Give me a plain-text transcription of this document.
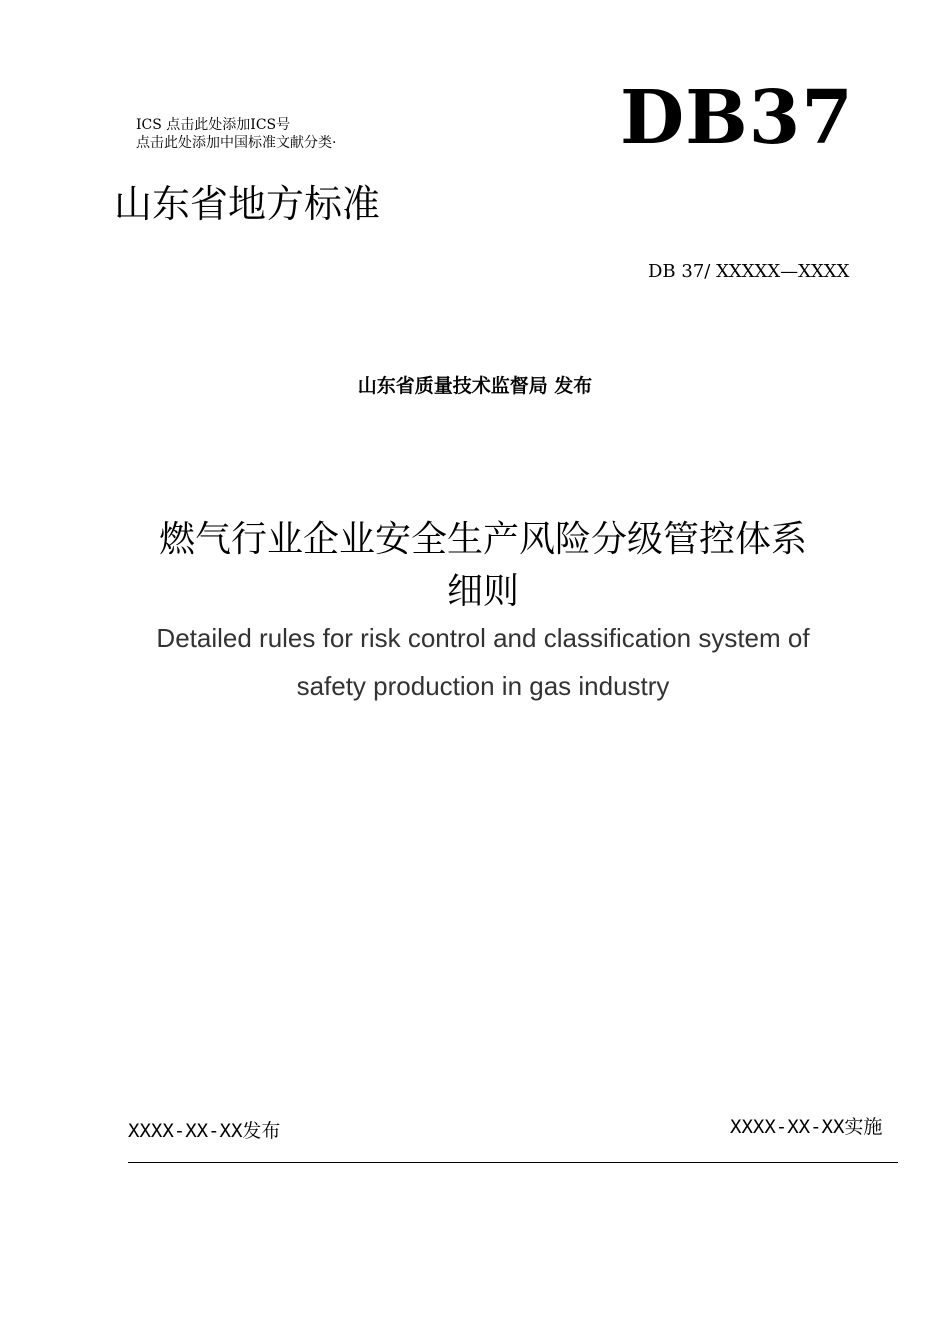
ICS 点击此处添加ICS号

点击此处添加中国标准文献分类·	DB37
山东省地方标准
DB 37/ XXXXX—XXXX
山东省质量技术监督局 发布
燃气行业企业安全生产风险分级管控体系
细则
Detailed rules for risk control and classification system of
safety production in gas industry
XXXX-XX-XX发布	XXXX-XX-XX实施
